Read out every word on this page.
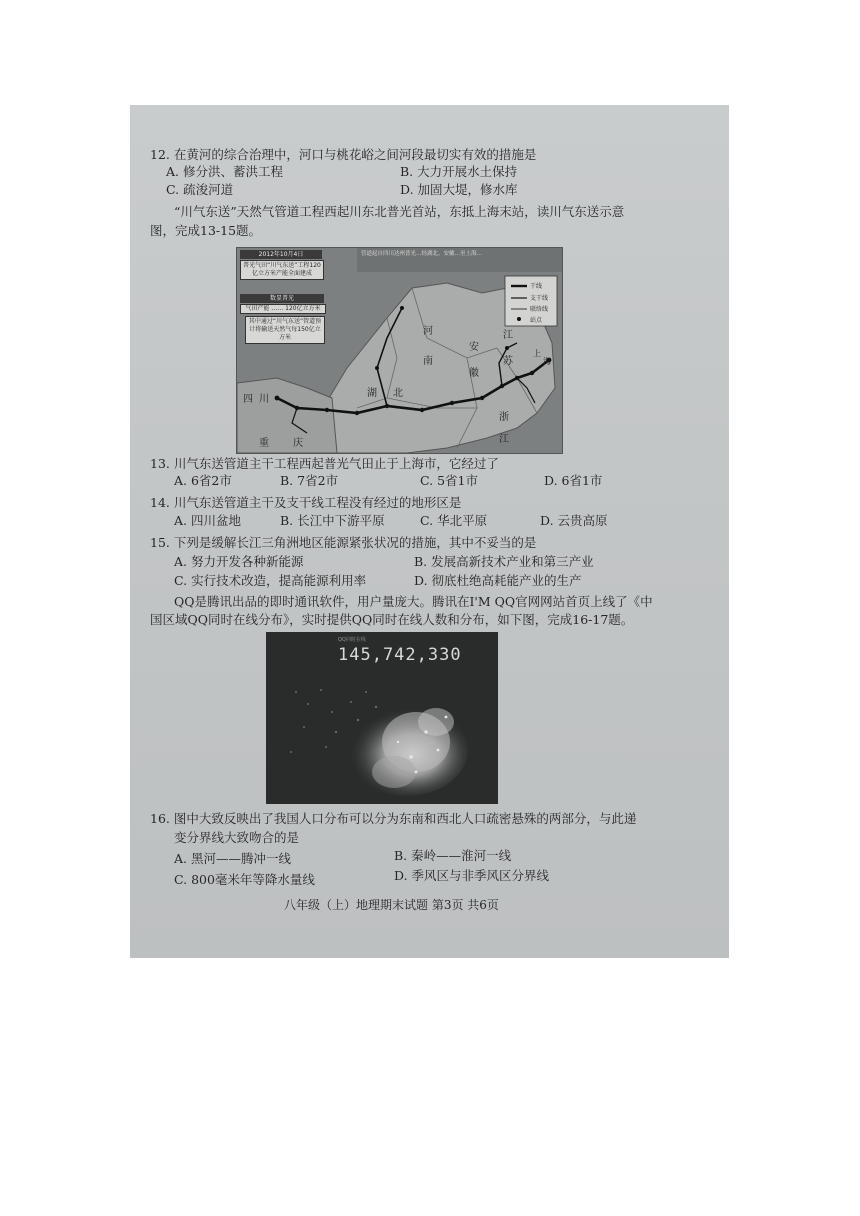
12. 在黄河的综合治理中，河口与桃花峪之间河段最切实有效的措施是
A. 修分洪、蓄洪工程	B. 大力开展水土保持
C. 疏浚河道	D. 加固大堤，修水库
“川气东送”天然气管道工程西起川东北普光首站，东抵上海末站，读川气东送示意
图，完成13-15题。
2012年10月4日
普光气田“川气东送”工程120亿立方米产能全面建成
数显普光
气田产能 …… 120亿立方米
其中通过“川气东送”管道预计将输送天然气每150亿立方米
管道起自四川达州普光…经湖北、安徽…至上海…
干线
支干线
联络线
站点
河
南
安
徽
江
苏
湖 北
四 川
重 庆
浙
江
上
海
13. 川气东送管道主干工程西起普光气田止于上海市，它经过了
A. 6省2市	B. 7省2市	C. 5省1市	D. 6省1市
14. 川气东送管道主干及支干线工程没有经过的地形区是
A. 四川盆地	B. 长江中下游平原	C. 华北平原	D. 云贵高原
15. 下列是缓解长江三角洲地区能源紧张状况的措施，其中不妥当的是
A. 努力开发各种新能源	B. 发展高新技术产业和第三产业
C. 实行技术改造，提高能源利用率	D. 彻底杜绝高耗能产业的生产
QQ是腾讯出品的即时通讯软件，用户量庞大。腾讯在I'M QQ官网网站首页上线了《中
国区域QQ同时在线分布》，实时提供QQ同时在线人数和分布，如下图，完成16-17题。
QQ同时在线
145,742,330
16. 图中大致反映出了我国人口分布可以分为东南和西北人口疏密悬殊的两部分，与此递
变分界线大致吻合的是
A. 黑河——腾冲一线	B. 秦岭——淮河一线
C. 800毫米年等降水量线	D. 季风区与非季风区分界线
八年级（上）地理期末试题 第3页 共6页
